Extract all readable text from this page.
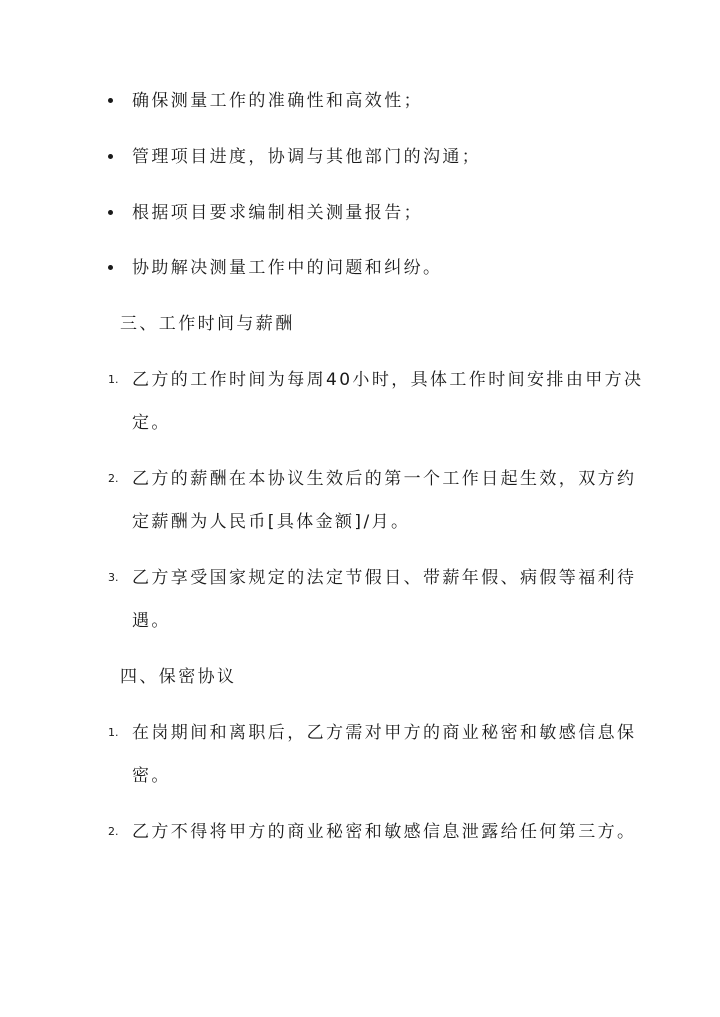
确保测量工作的准确性和高效性；
管理项目进度，协调与其他部门的沟通；
根据项目要求编制相关测量报告；
协助解决测量工作中的问题和纠纷。
三、工作时间与薪酬
1. 乙方的工作时间为每周40小时，具体工作时间安排由甲方决
定。
2. 乙方的薪酬在本协议生效后的第一个工作日起生效，双方约
定薪酬为人民币[具体金额]/月。
3. 乙方享受国家规定的法定节假日、带薪年假、病假等福利待
遇。
四、保密协议
1. 在岗期间和离职后，乙方需对甲方的商业秘密和敏感信息保
密。
2. 乙方不得将甲方的商业秘密和敏感信息泄露给任何第三方。
